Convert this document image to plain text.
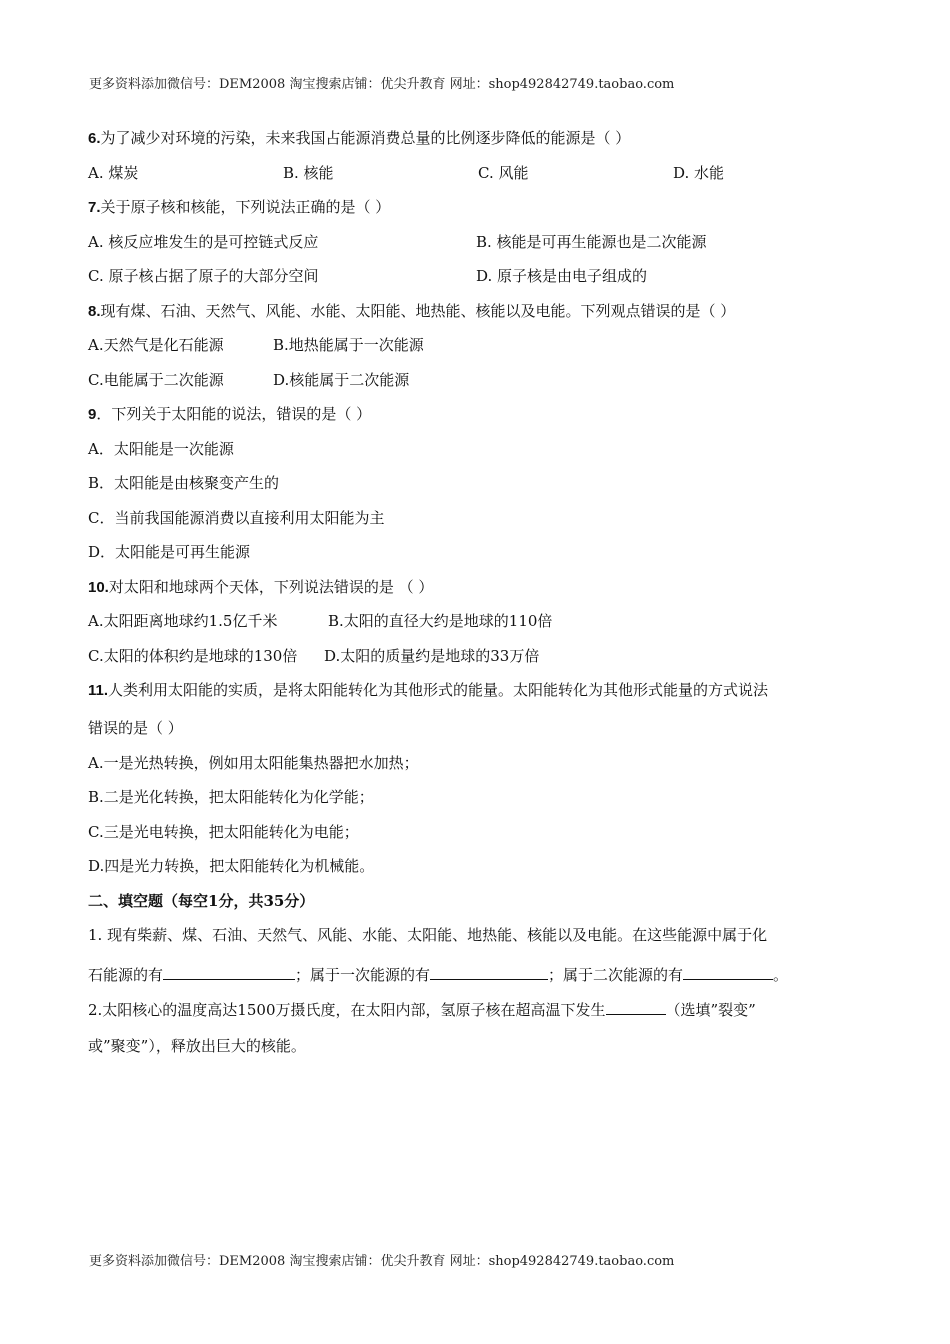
更多资料添加微信号：DEM2008 淘宝搜索店铺：优尖升教育 网址：shop492842749.taobao.com
6.为了减少对环境的污染，未来我国占能源消费总量的比例逐步降低的能源是（ ）
A. 煤炭	B. 核能	C. 风能	D. 水能
7.关于原子核和核能，下列说法正确的是（ ）
A. 核反应堆发生的是可控链式反应	B. 核能是可再生能源也是二次能源
C. 原子核占据了原子的大部分空间	D. 原子核是由电子组成的
8.现有煤、石油、天然气、风能、水能、太阳能、地热能、核能以及电能。下列观点错误的是（ ）
A.天然气是化石能源	B.地热能属于一次能源
C.电能属于二次能源	D.核能属于二次能源
9．下列关于太阳能的说法，错误的是（ ）
A．太阳能是一次能源
B．太阳能是由核聚变产生的
C．当前我国能源消费以直接利用太阳能为主
D．太阳能是可再生能源
10.对太阳和地球两个天体，下列说法错误的是 （ ）
A.太阳距离地球约1.5亿千米	B.太阳的直径大约是地球的110倍
C.太阳的体积约是地球的130倍 D.太阳的质量约是地球的33万倍
11.人类利用太阳能的实质，是将太阳能转化为其他形式的能量。太阳能转化为其他形式能量的方式说法
错误的是（ ）
A.一是光热转换，例如用太阳能集热器把水加热；
B.二是光化转换，把太阳能转化为化学能；
C.三是光电转换，把太阳能转化为电能；
D.四是光力转换，把太阳能转化为机械能。
二、填空题（每空1分，共35分）
1. 现有柴薪、煤、石油、天然气、风能、水能、太阳能、地热能、核能以及电能。在这些能源中属于化
石能源的有	；属于一次能源的有	；属于二次能源的有	。
2.太阳核心的温度高达1500万摄氏度，在太阳内部，氢原子核在超高温下发生	（选填”裂变”
或”聚变”），释放出巨大的核能。
更多资料添加微信号：DEM2008 淘宝搜索店铺：优尖升教育 网址：shop492842749.taobao.com
